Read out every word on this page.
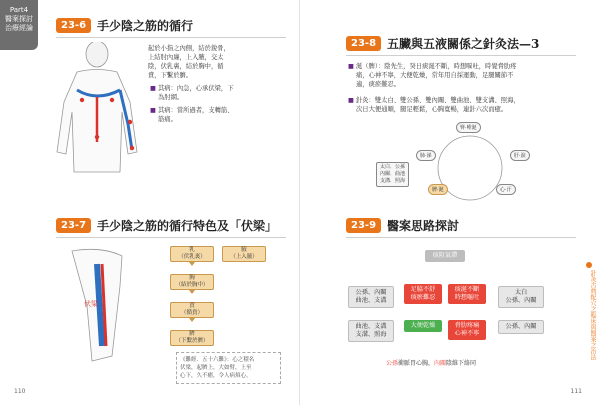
Part4
醫案探討
治療經論	23-6 手少陰之筋的循行
起於小指之內側，結於銳骨，
上結肘內廉，上入腋，交太
陰，伏乳裏，結於胸中，循
賁，下繫於臍。
■ 其病：內急，心承伏梁，下
為肘網。
■ 其病：當所過者，支轉筋、
筋痛。
23-7 手少陰之筋的循行特色及「伏梁」
伏梁
乳
（伏乳裏）
腋
（上入腋）
胸
（結於胸中）
賁
（循賁）
臍
（下繫於臍）
《難經．五十六難》：心之積名
伏梁，起臍上，大如臂，上至
心下，久不癒，令人病煩心。
110
23-8 五臟與五液關係之針灸法—3
■ 涎（脾）：陰先生，癸日痰涎不斷，時想嘔吐，時覺脅肋疼
痛，心神不寧，大便乾燥，常年用自採運動，足腿關節不
適，痰瘀難忍。
■ 針灸：雙太白、雙公孫、雙內關、雙曲池、雙支溝、照海，
次日大便通順，腿足輕鬆，心胸寬暢，連針六次而癒。
腎·唾涎
肺·涕	肝·淚
脾·涎	心·汗
太白．公孫
內關．曲池
支溝．照海
23-9 醫案思路探討
痰阻氣滯
公孫、內關
曲池、支溝
曲池、支溝
支溝、照海
足脇不舒
痰瘀難忍
痰涎不斷
時想嘔吐
大便乾燥	脅肋疼痛
心神不寧
太白
公孫、內關
公孫、內關
公孫衝脈胃心胸，內關陰維下絡同
針灸古典配穴之臨床與醫案之治法
111
